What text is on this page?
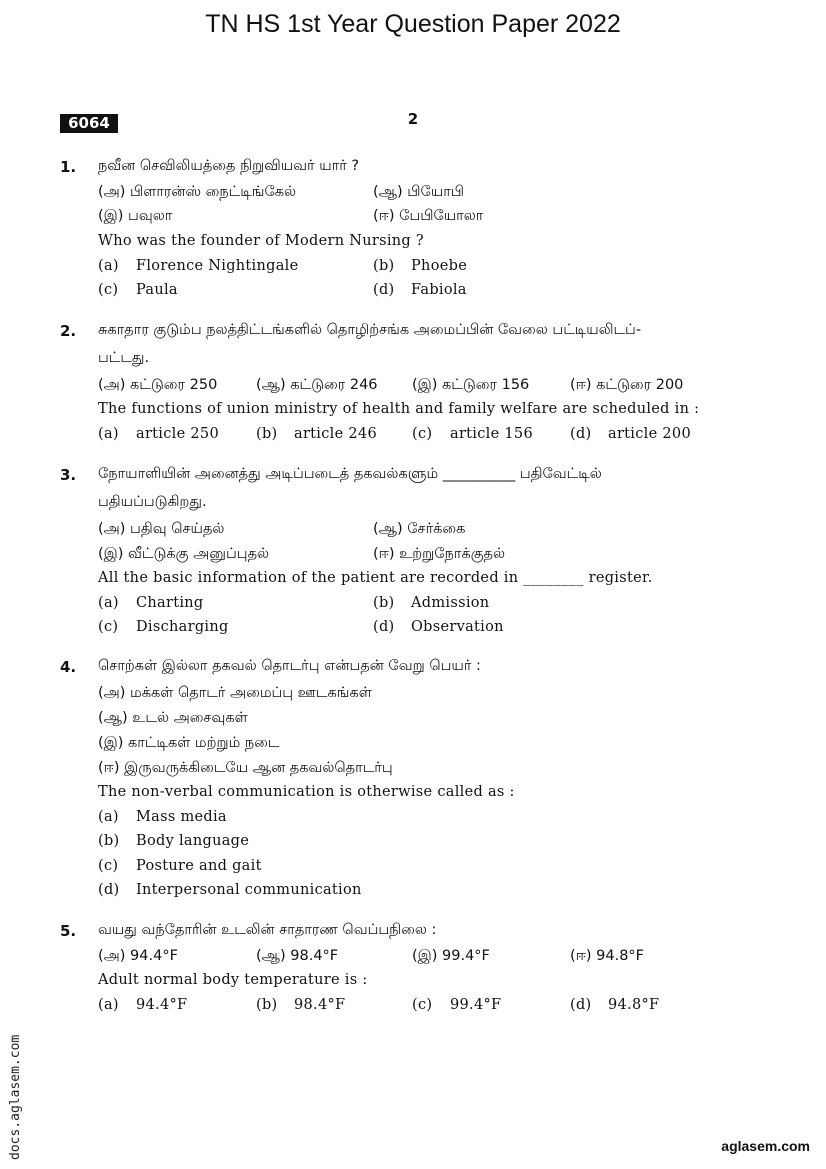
TN HS 1st Year Question Paper 2022
6064	2
1. நவீன செவிலியத்தை நிறுவியவர் யார் ?
(அ) பிளாரன்ஸ் நைட்டிங்கேல்	(ஆ) பியோபி
(இ) பவுலா	(ஈ) பேபியோலா
Who was the founder of Modern Nursing ?
(a) Florence Nightingale	(b) Phoebe
(c) Paula	(d) Fabiola
2. சுகாதார குடும்ப நலத்திட்டங்களில் தொழிற்சங்க அமைப்பின் வேலை பட்டியலிடப்-
பட்டது.
(அ) கட்டுரை 250	(ஆ) கட்டுரை 246 (இ) கட்டுரை 156	(ஈ) கட்டுரை 200
The functions of union ministry of health and family welfare are scheduled in :
(a) article 250	(b) article 246 (c) article 156	(d) article 200
3. நோயாளியின் அனைத்து அடிப்படைத் தகவல்களும் __________ பதிவேட்டில்
பதியப்படுகிறது.
(அ) பதிவு செய்தல்	(ஆ) சேர்க்கை
(இ) வீட்டுக்கு அனுப்புதல்	(ஈ) உற்றுநோக்குதல்
All the basic information of the patient are recorded in ________ register.
(a) Charting	(b) Admission
(c) Discharging	(d) Observation
4. சொற்கள் இல்லா தகவல் தொடர்பு என்பதன் வேறு பெயர் :
(அ) மக்கள் தொடர் அமைப்பு ஊடகங்கள்
(ஆ) உடல் அசைவுகள்
(இ) காட்டிகள் மற்றும் நடை
(ஈ) இருவருக்கிடையே ஆன தகவல்தொடர்பு
The non-verbal communication is otherwise called as :
(a) Mass media
(b) Body language
(c) Posture and gait
(d) Interpersonal communication
5. வயது வந்தோரின் உடலின் சாதாரண வெப்பநிலை :
(அ) 94.4°F	(ஆ) 98.4°F	(இ) 99.4°F	(ஈ) 94.8°F
Adult normal body temperature is :
(a) 94.4°F	(b) 98.4°F	(c) 99.4°F	(d) 94.8°F
docs.aglasem.com	aglasem.com
